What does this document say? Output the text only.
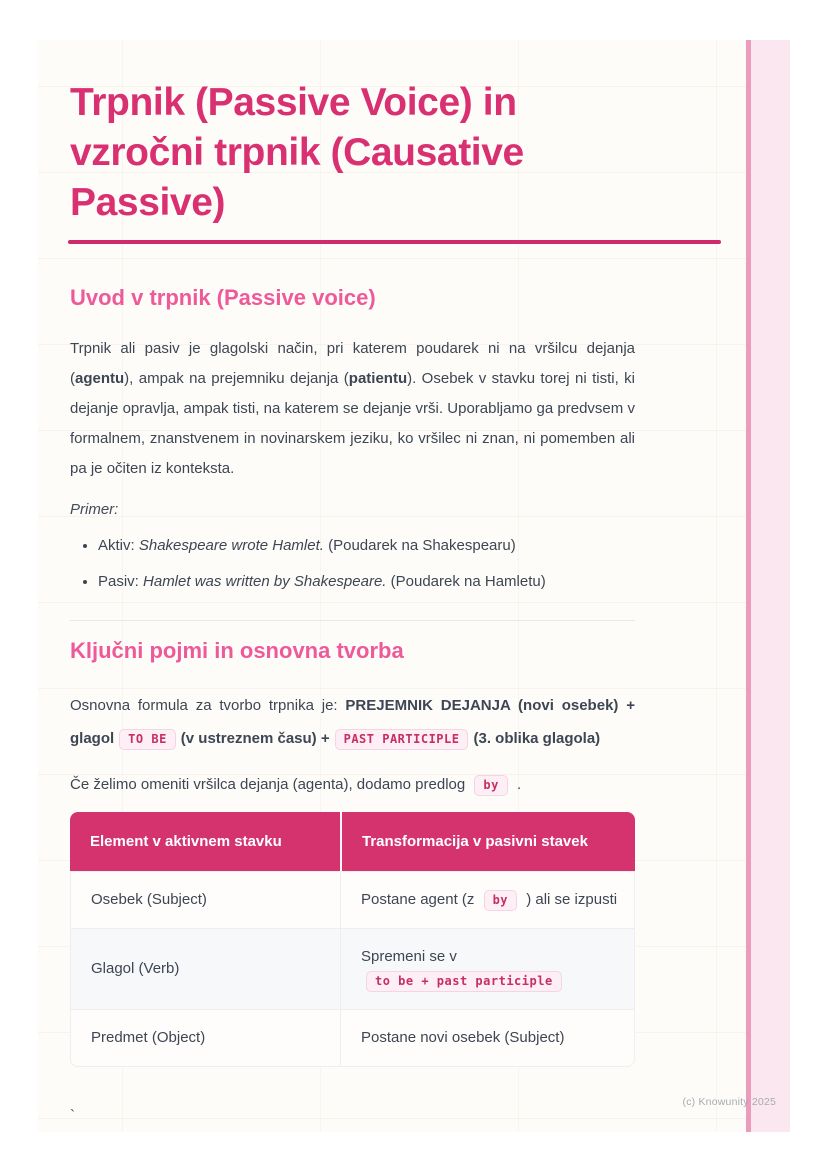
Trpnik (Passive Voice) in
vzročni trpnik (Causative
Passive)
Uvod v trpnik (Passive voice)

Trpnik ali pasiv je glagolski način, pri katerem poudarek ni na vršilcu dejanja (agentu), ampak na prejemniku dejanja (patientu). Osebek v stavku torej ni tisti, ki dejanje opravlja, ampak tisti, na katerem se dejanje vrši. Uporabljamo ga predvsem v formalnem, znanstvenem in novinarskem jeziku, ko vršilec ni znan, ni pomemben ali pa je očiten iz konteksta.

Primer:

• Aktiv: Shakespeare wrote Hamlet. (Poudarek na Shakespearu)
• Pasiv: Hamlet was written by Shakespeare. (Poudarek na Hamletu)
Ključni pojmi in osnovna tvorba

Osnovna formula za tvorbo trpnika je: PREJEMNIK DEJANJA (novi osebek) + glagol TO BE (v ustreznem času) + PAST PARTICIPLE (3. oblika glagola)

Če želimo omeniti vršilca dejanja (agenta), dodamo predlog by .

Element v aktivnem stavku	Transformacija v pasivni stavek
Osebek (Subject)	Postane agent (z by ) ali se izpusti
Glagol (Verb)	Spremeni se v to be + past participle
Predmet (Object)	Postane novi osebek (Subject)
`
(c) Knowunity 2025
